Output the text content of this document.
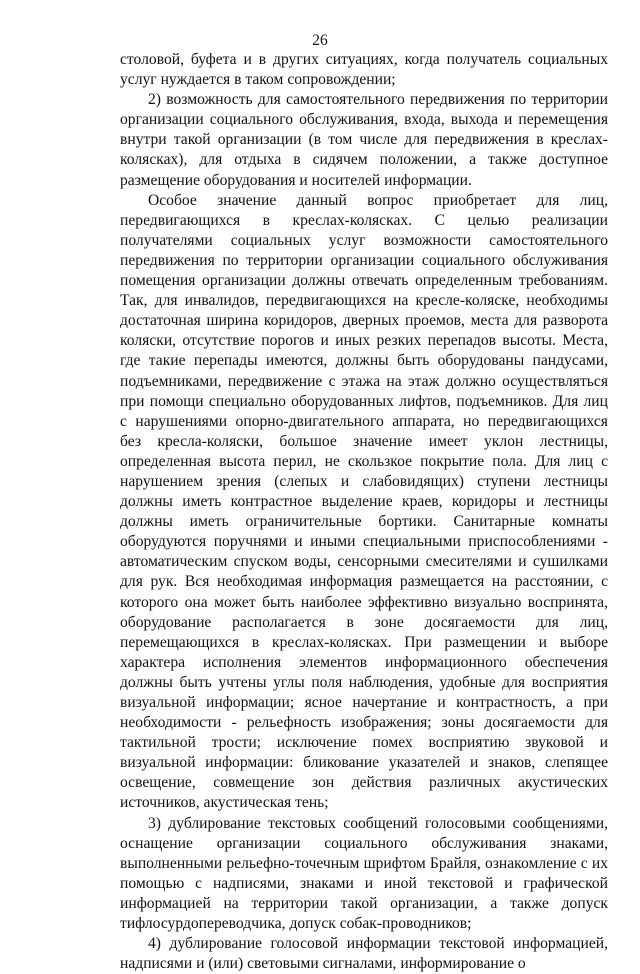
26

столовой, буфета и в других ситуациях, когда получатель социальных услуг нуждается в таком сопровождении;

2) возможность для самостоятельного передвижения по территории организации социального обслуживания, входа, выхода и перемещения внутри такой организации (в том числе для передвижения в креслах-колясках), для отдыха в сидячем положении, а также доступное размещение оборудования и носителей информации.

Особое значение данный вопрос приобретает для лиц, передвигающихся в креслах-колясках. С целью реализации получателями социальных услуг возможности самостоятельного передвижения по территории организации социального обслуживания помещения организации должны отвечать определенным требованиям. Так, для инвалидов, передвигающихся на кресле-коляске, необходимы достаточная ширина коридоров, дверных проемов, места для разворота коляски, отсутствие порогов и иных резких перепадов высоты. Места, где такие перепады имеются, должны быть оборудованы пандусами, подъемниками, передвижение с этажа на этаж должно осуществляться при помощи специально оборудованных лифтов, подъемников. Для лиц с нарушениями опорно-двигательного аппарата, но передвигающихся без кресла-коляски, большое значение имеет уклон лестницы, определенная высота перил, не скользкое покрытие пола. Для лиц с нарушением зрения (слепых и слабовидящих) ступени лестницы должны иметь контрастное выделение краев, коридоры и лестницы должны иметь ограничительные бортики. Санитарные комнаты оборудуются поручнями и иными специальными приспособлениями - автоматическим спуском воды, сенсорными смесителями и сушилками для рук. Вся необходимая информация размещается на расстоянии, с которого она может быть наиболее эффективно визуально воспринята, оборудование располагается в зоне досягаемости для лиц, перемещающихся в креслах-колясках. При размещении и выборе характера исполнения элементов информационного обеспечения должны быть учтены углы поля наблюдения, удобные для восприятия визуальной информации; ясное начертание и контрастность, а при необходимости - рельефность изображения; зоны досягаемости для тактильной трости; исключение помех восприятию звуковой и визуальной информации: бликование указателей и знаков, слепящее освещение, совмещение зон действия различных акустических источников, акустическая тень;

3) дублирование текстовых сообщений голосовыми сообщениями, оснащение организации социального обслуживания знаками, выполненными рельефно-точечным шрифтом Брайля, ознакомление с их помощью с надписями, знаками и иной текстовой и графической информацией на территории такой организации, а также допуск тифлосурдопереводчика, допуск собак-проводников;

4) дублирование голосовой информации текстовой информацией, надписями и (или) световыми сигналами, информирование о
